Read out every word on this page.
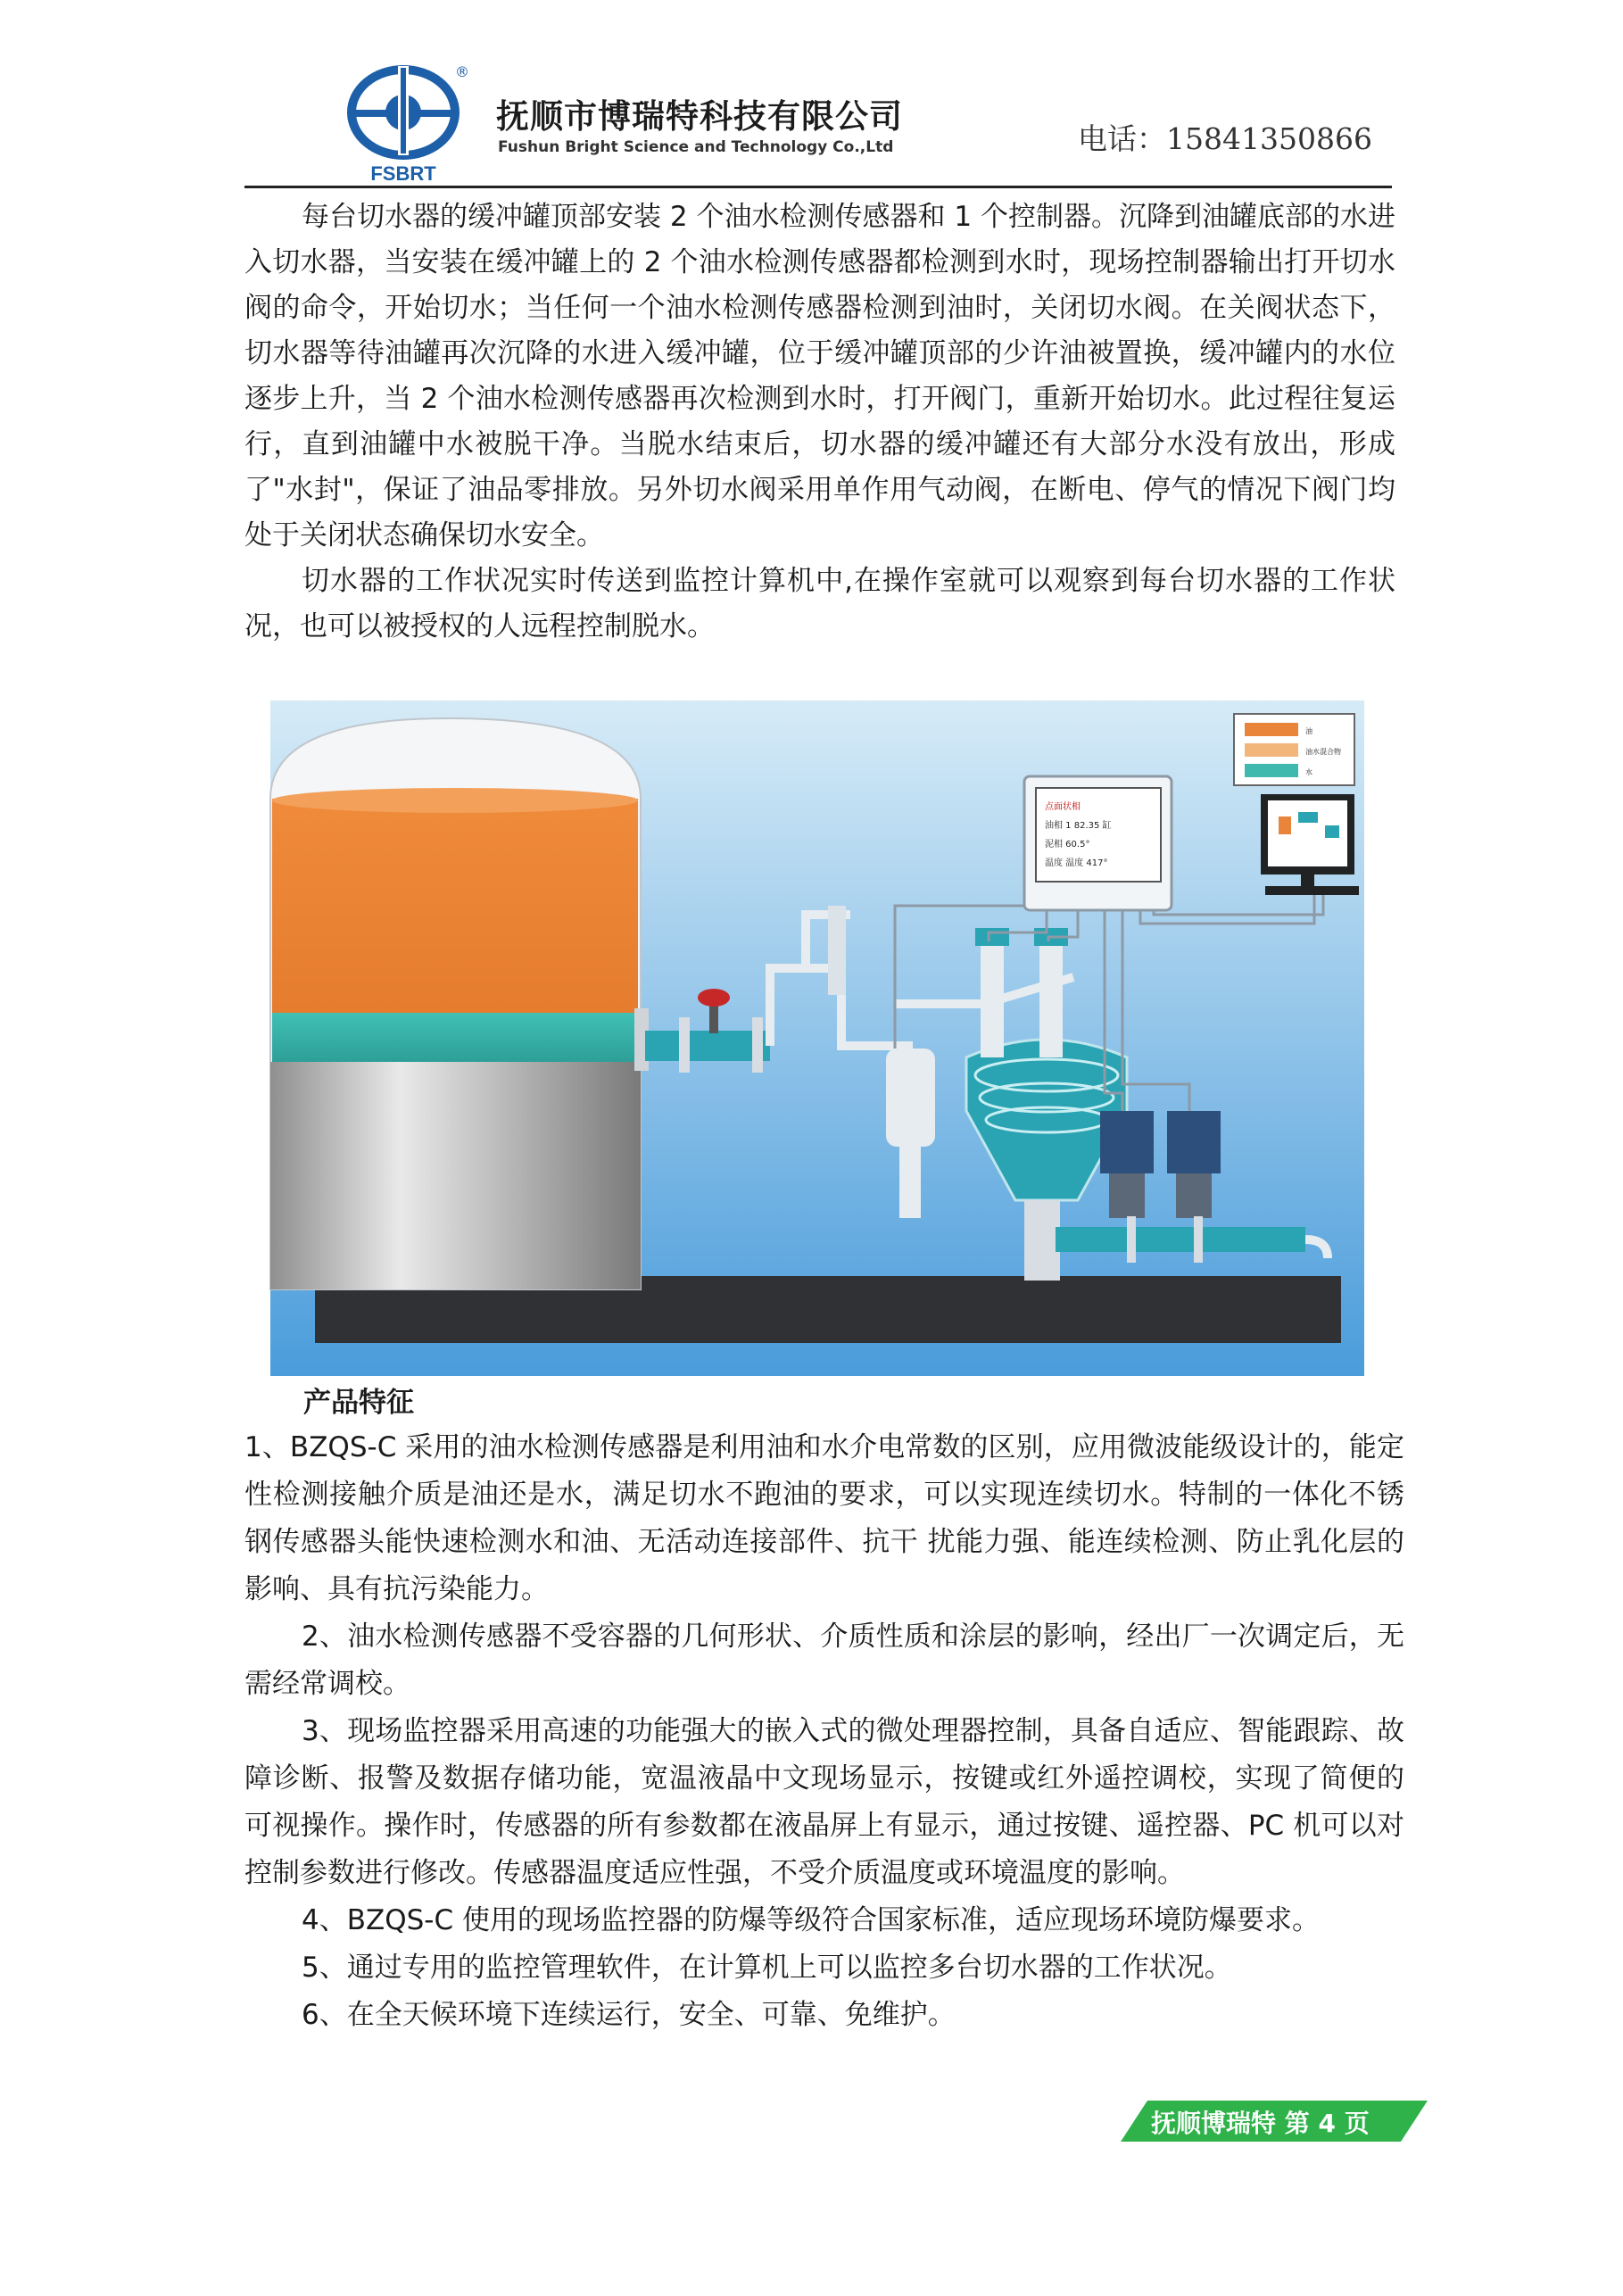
FSBRT
®
抚顺市博瑞特科技有限公司
Fushun Bright Science and Technology Co.,Ltd	电话：15841350866

每台切水器的缓冲罐顶部安装 2 个油水检测传感器和 1 个控制器。沉降到油罐底部的水进入切水器，当安装在缓冲罐上的 2 个油水检测传感器都检测到水时，现场控制器输出打开切水阀的命令，开始切水；当任何一个油水检测传感器检测到油时，关闭切水阀。在关阀状态下，切水器等待油罐再次沉降的水进入缓冲罐，位于缓冲罐顶部的少许油被置换，缓冲罐内的水位逐步上升，当 2 个油水检测传感器再次检测到水时，打开阀门，重新开始切水。此过程往复运行，直到油罐中水被脱干净。当脱水结束后，切水器的缓冲罐还有大部分水没有放出，形成了"水封"，保证了油品零排放。另外切水阀采用单作用气动阀，在断电、停气的情况下阀门均处于关闭状态确保切水安全。

切水器的工作状况实时传送到监控计算机中,在操作室就可以观察到每台切水器的工作状况，也可以被授权的人远程控制脱水。

点面状相
油相 1 82.35 缸
泥相 60.5°
温度 温度 417°
油
油水混合物
水
产品特征

1、BZQS-C 采用的油水检测传感器是利用油和水介电常数的区别，应用微波能级设计的，能定性检测接触介质是油还是水，满足切水不跑油的要求，可以实现连续切水。特制的一体化不锈钢传感器头能快速检测水和油、无活动连接部件、抗干 扰能力强、能连续检测、防止乳化层的影响、具有抗污染能力。

2、油水检测传感器不受容器的几何形状、介质性质和涂层的影响，经出厂一次调定后，无需经常调校。

3、现场监控器采用高速的功能强大的嵌入式的微处理器控制，具备自适应、智能跟踪、故障诊断、报警及数据存储功能，宽温液晶中文现场显示，按键或红外遥控调校，实现了简便的可视操作。操作时，传感器的所有参数都在液晶屏上有显示，通过按键、遥控器、PC 机可以对控制参数进行修改。传感器温度适应性强，不受介质温度或环境温度的影响。

4、BZQS-C 使用的现场监控器的防爆等级符合国家标准，适应现场环境防爆要求。

5、通过专用的监控管理软件，在计算机上可以监控多台切水器的工作状况。

6、在全天候环境下连续运行，安全、可靠、免维护。

抚顺博瑞特 第 4 页
